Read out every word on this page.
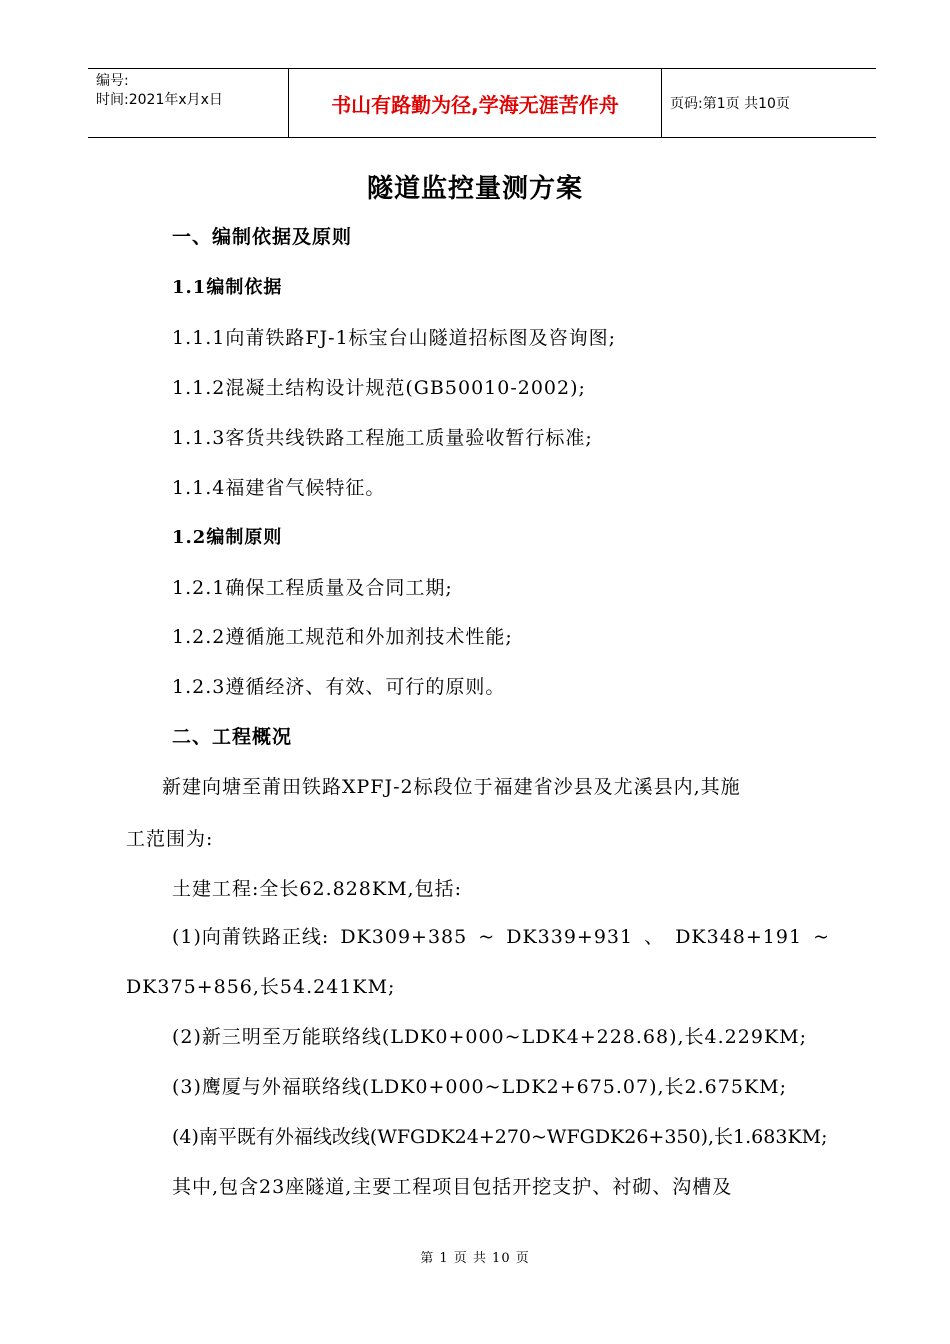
编号:
时间:2021年x月x日	书山有路勤为径,学海无涯苦作舟	页码:第1页 共10页
隧道监控量测方案
一、编制依据及原则
1.1编制依据
1.1.1向莆铁路FJ-1标宝台山隧道招标图及咨询图;
1.1.2混凝土结构设计规范(GB50010-2002);
1.1.3客货共线铁路工程施工质量验收暂行标准;
1.1.4福建省气候特征。
1.2编制原则
1.2.1确保工程质量及合同工期;
1.2.2遵循施工规范和外加剂技术性能;
1.2.3遵循经济、有效、可行的原则。
二、工程概况
新建向塘至莆田铁路XPFJ-2标段位于福建省沙县及尤溪县内,其施
工范围为:
土建工程:全长62.828KM,包括:
(1)向莆铁路正线: DK309+385 ~ DK339+931 、 DK348+191 ~
DK375+856,长54.241KM;
(2)新三明至万能联络线(LDK0+000~LDK4+228.68),长4.229KM;
(3)鹰厦与外福联络线(LDK0+000~LDK2+675.07),长2.675KM;
(4)南平既有外福线改线(WFGDK24+270~WFGDK26+350),长1.683KM;
其中,包含23座隧道,主要工程项目包括开挖支护、衬砌、沟槽及
第 1 页 共 10 页
